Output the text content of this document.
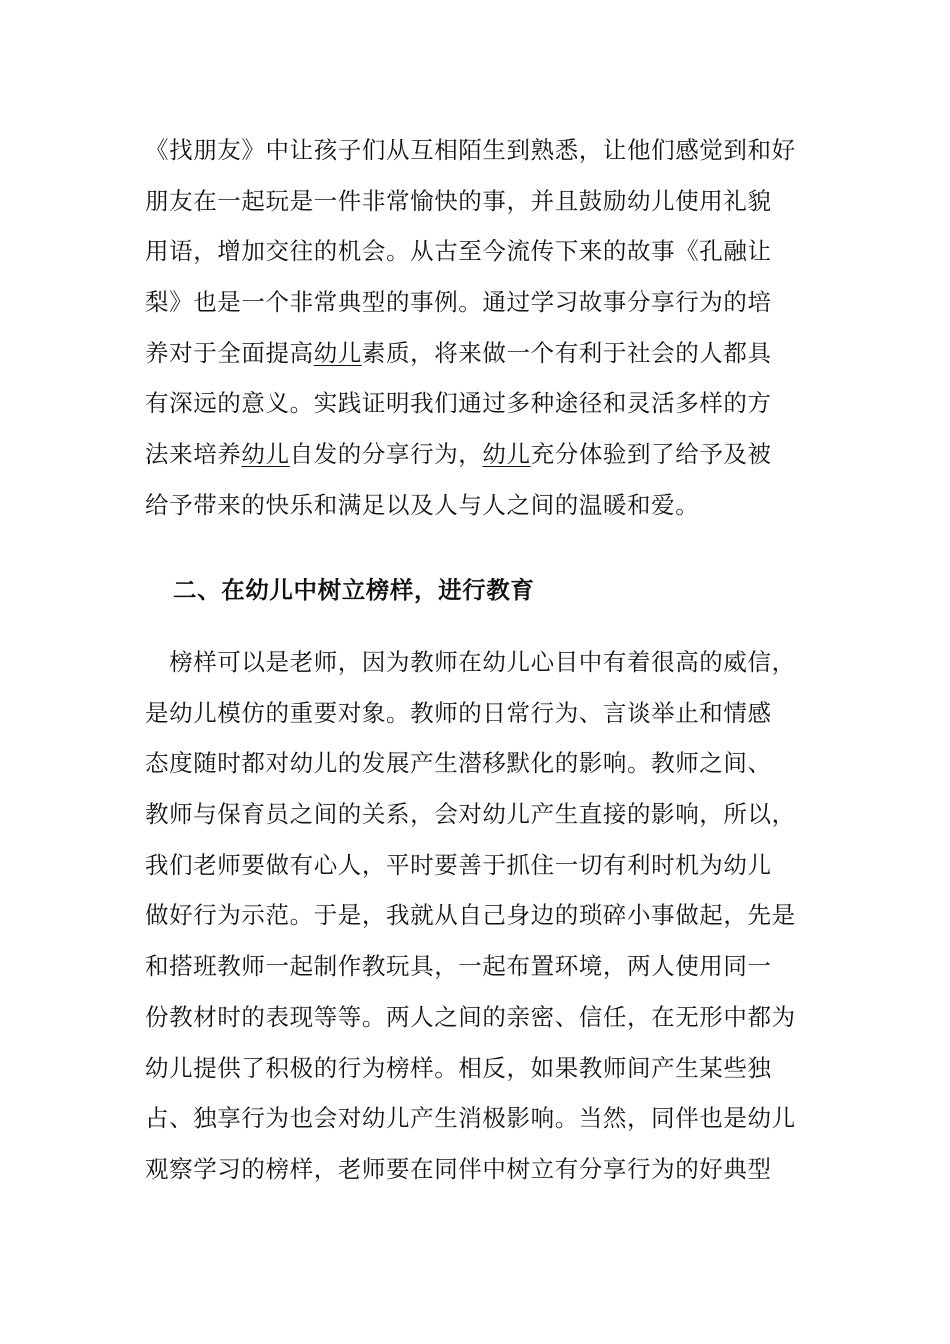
《找朋友》中让孩子们从互相陌生到熟悉，让他们感觉到和好
朋友在一起玩是一件非常愉快的事，并且鼓励幼儿使用礼貌
用语，增加交往的机会。从古至今流传下来的故事《孔融让
梨》也是一个非常典型的事例。通过学习故事分享行为的培
养对于全面提高幼儿素质，将来做一个有利于社会的人都具
有深远的意义。实践证明我们通过多种途径和灵活多样的方
法来培养幼儿自发的分享行为，幼儿充分体验到了给予及被
给予带来的快乐和满足以及人与人之间的温暖和爱。
二、在幼儿中树立榜样，进行教育
　榜样可以是老师，因为教师在幼儿心目中有着很高的威信，
是幼儿模仿的重要对象。教师的日常行为、言谈举止和情感
态度随时都对幼儿的发展产生潜移默化的影响。教师之间、
教师与保育员之间的关系，会对幼儿产生直接的影响，所以，
我们老师要做有心人，平时要善于抓住一切有利时机为幼儿
做好行为示范。于是，我就从自己身边的琐碎小事做起，先是
和搭班教师一起制作教玩具，一起布置环境，两人使用同一
份教材时的表现等等。两人之间的亲密、信任，在无形中都为
幼儿提供了积极的行为榜样。相反，如果教师间产生某些独
占、独享行为也会对幼儿产生消极影响。当然，同伴也是幼儿
观察学习的榜样，老师要在同伴中树立有分享行为的好典型
